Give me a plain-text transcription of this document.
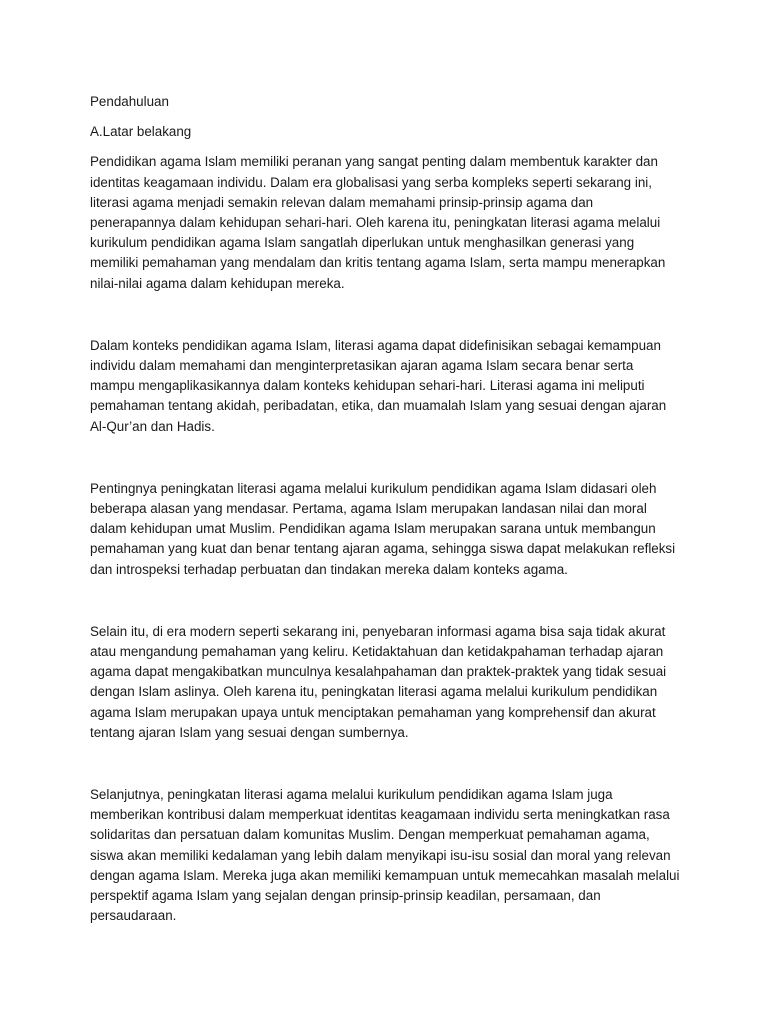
Pendahuluan

A.Latar belakang

Pendidikan agama Islam memiliki peranan yang sangat penting dalam membentuk karakter dan identitas keagamaan individu. Dalam era globalisasi yang serba kompleks seperti sekarang ini, literasi agama menjadi semakin relevan dalam memahami prinsip-prinsip agama dan penerapannya dalam kehidupan sehari-hari. Oleh karena itu, peningkatan literasi agama melalui kurikulum pendidikan agama Islam sangatlah diperlukan untuk menghasilkan generasi yang memiliki pemahaman yang mendalam dan kritis tentang agama Islam, serta mampu menerapkan nilai-nilai agama dalam kehidupan mereka.

Dalam konteks pendidikan agama Islam, literasi agama dapat didefinisikan sebagai kemampuan individu dalam memahami dan menginterpretasikan ajaran agama Islam secara benar serta mampu mengaplikasikannya dalam konteks kehidupan sehari-hari. Literasi agama ini meliputi pemahaman tentang akidah, peribadatan, etika, dan muamalah Islam yang sesuai dengan ajaran Al-Qur’an dan Hadis.

Pentingnya peningkatan literasi agama melalui kurikulum pendidikan agama Islam didasari oleh beberapa alasan yang mendasar. Pertama, agama Islam merupakan landasan nilai dan moral dalam kehidupan umat Muslim. Pendidikan agama Islam merupakan sarana untuk membangun pemahaman yang kuat dan benar tentang ajaran agama, sehingga siswa dapat melakukan refleksi dan introspeksi terhadap perbuatan dan tindakan mereka dalam konteks agama.

Selain itu, di era modern seperti sekarang ini, penyebaran informasi agama bisa saja tidak akurat atau mengandung pemahaman yang keliru. Ketidaktahuan dan ketidakpahaman terhadap ajaran agama dapat mengakibatkan munculnya kesalahpahaman dan praktek-praktek yang tidak sesuai dengan Islam aslinya. Oleh karena itu, peningkatan literasi agama melalui kurikulum pendidikan agama Islam merupakan upaya untuk menciptakan pemahaman yang komprehensif dan akurat tentang ajaran Islam yang sesuai dengan sumbernya.

Selanjutnya, peningkatan literasi agama melalui kurikulum pendidikan agama Islam juga memberikan kontribusi dalam memperkuat identitas keagamaan individu serta meningkatkan rasa solidaritas dan persatuan dalam komunitas Muslim. Dengan memperkuat pemahaman agama, siswa akan memiliki kedalaman yang lebih dalam menyikapi isu-isu sosial dan moral yang relevan dengan agama Islam. Mereka juga akan memiliki kemampuan untuk memecahkan masalah melalui perspektif agama Islam yang sejalan dengan prinsip-prinsip keadilan, persamaan, dan persaudaraan.
